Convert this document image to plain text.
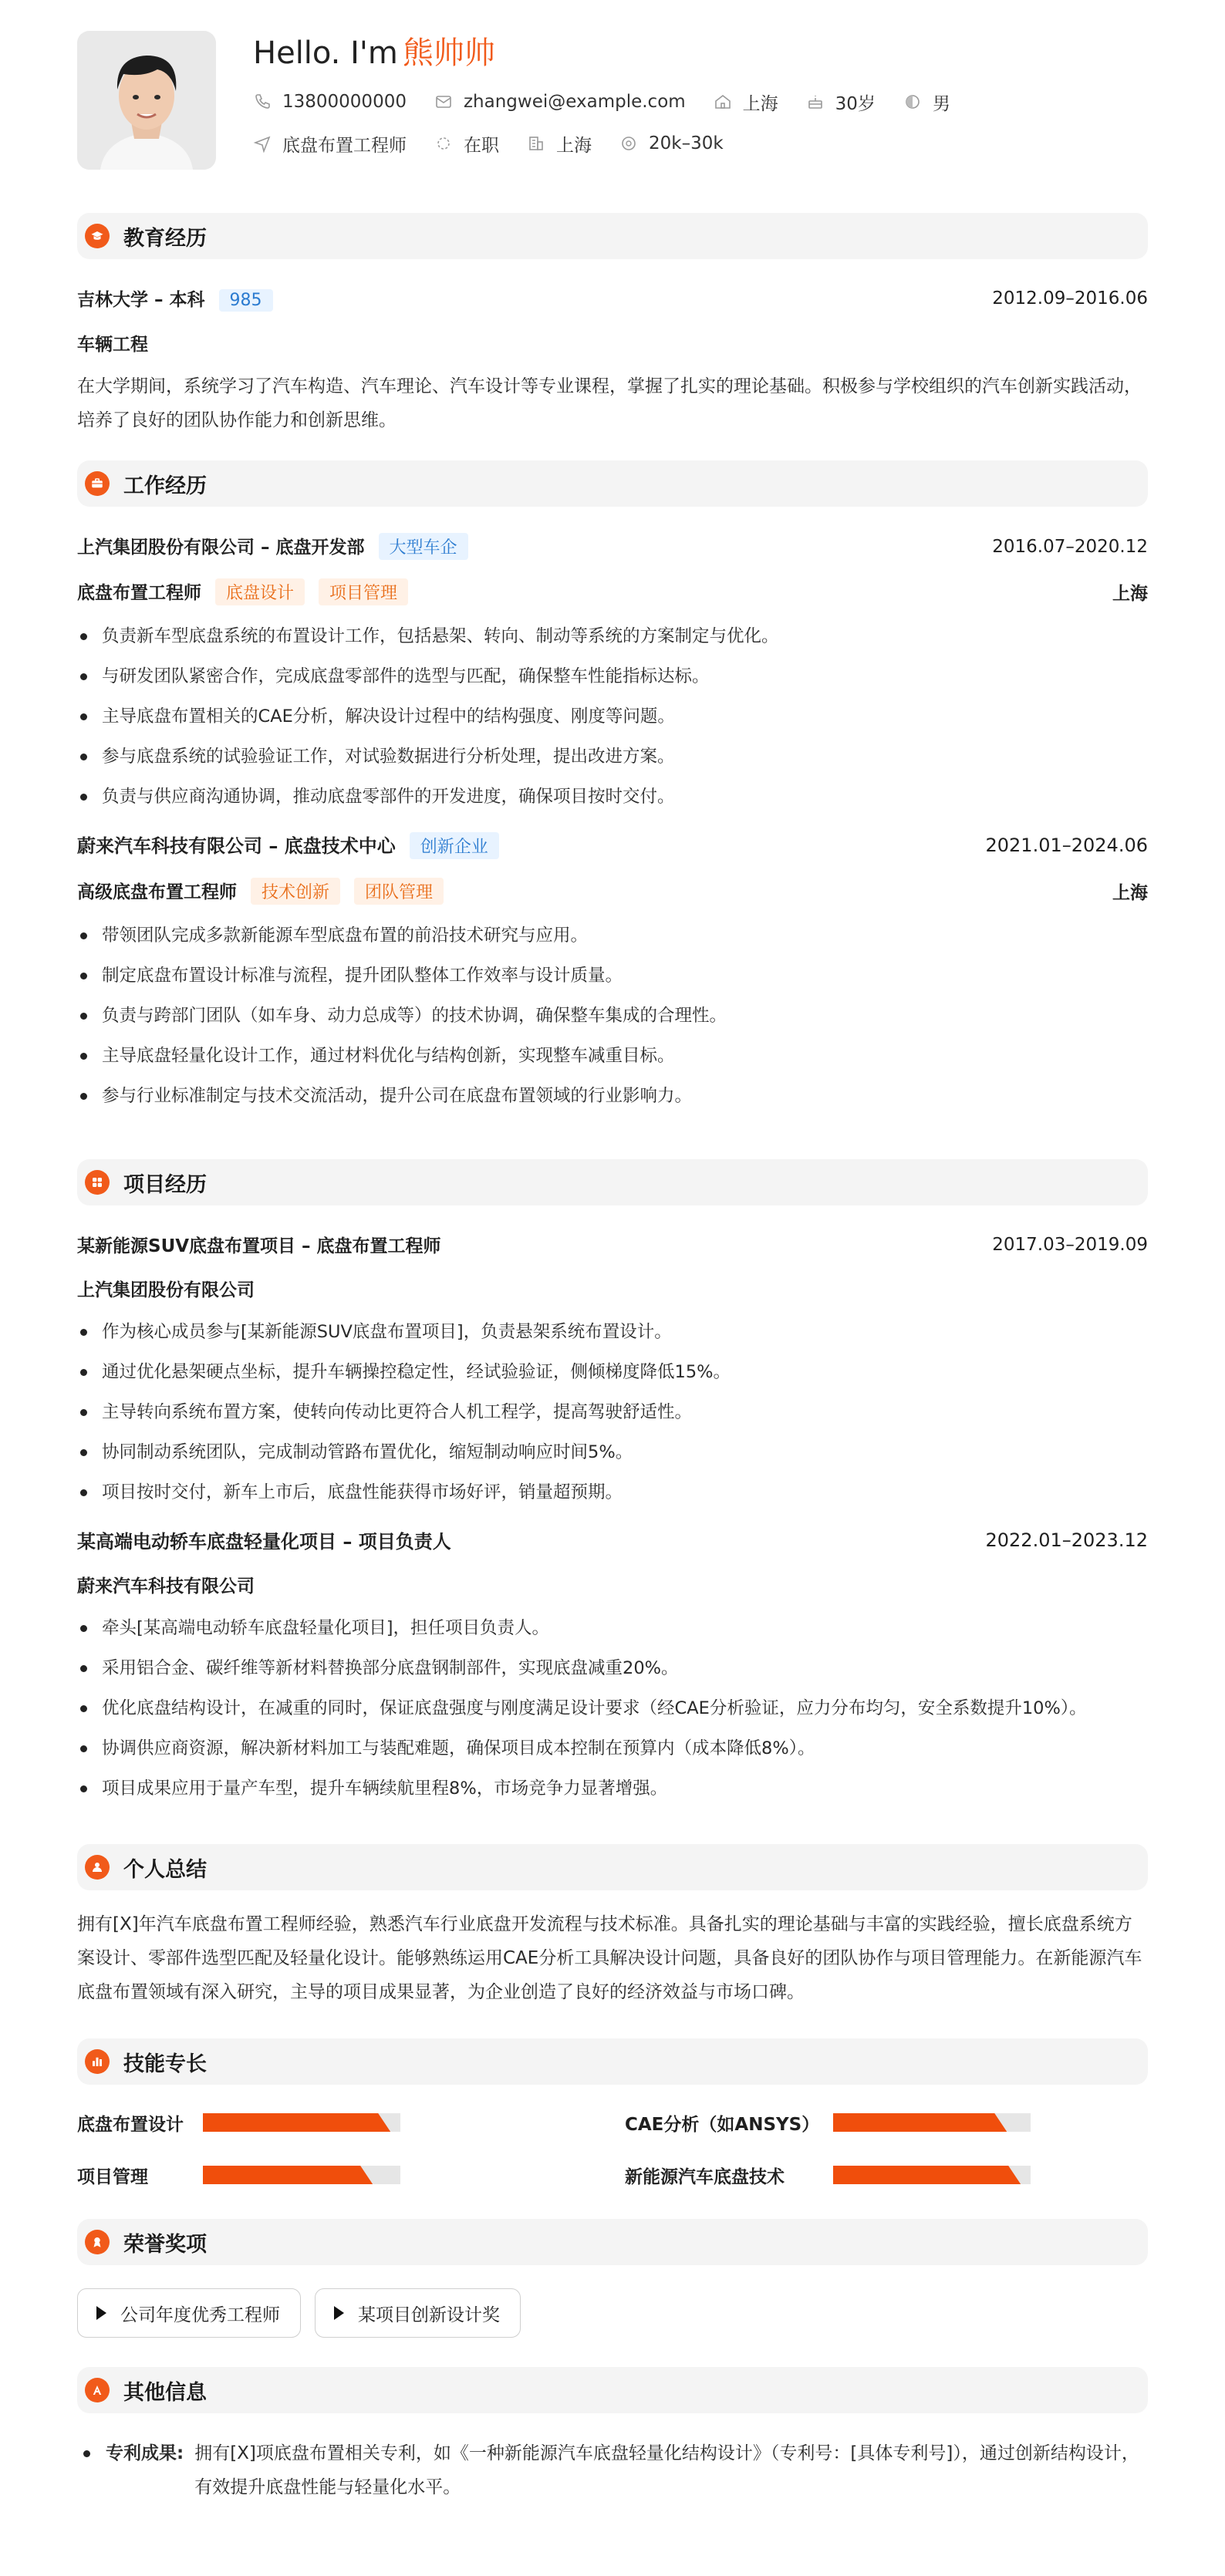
Hello. I'm 熊帅帅
13800000000	zhangwei@example.com	上海	30岁	男
底盘布置工程师	在职	上海	20k–30k
教育经历
吉林大学 – 本科 985	2012.09–2016.06
车辆工程
在大学期间，系统学习了汽车构造、汽车理论、汽车设计等专业课程，掌握了扎实的理论基础。积极参与学校组织的汽车创新实践活动，培养了良好的团队协作能力和创新思维。
工作经历
上汽集团股份有限公司 – 底盘开发部 大型车企	2016.07–2020.12
底盘布置工程师 底盘设计 项目管理	上海
负责新车型底盘系统的布置设计工作，包括悬架、转向、制动等系统的方案制定与优化。
与研发团队紧密合作，完成底盘零部件的选型与匹配，确保整车性能指标达标。
主导底盘布置相关的CAE分析，解决设计过程中的结构强度、刚度等问题。
参与底盘系统的试验验证工作，对试验数据进行分析处理，提出改进方案。
负责与供应商沟通协调，推动底盘零部件的开发进度，确保项目按时交付。
蔚来汽车科技有限公司 – 底盘技术中心 创新企业	2021.01–2024.06
高级底盘布置工程师 技术创新 团队管理	上海
带领团队完成多款新能源车型底盘布置的前沿技术研究与应用。
制定底盘布置设计标准与流程，提升团队整体工作效率与设计质量。
负责与跨部门团队（如车身、动力总成等）的技术协调，确保整车集成的合理性。
主导底盘轻量化设计工作，通过材料优化与结构创新，实现整车减重目标。
参与行业标准制定与技术交流活动，提升公司在底盘布置领域的行业影响力。
项目经历
某新能源SUV底盘布置项目 – 底盘布置工程师	2017.03–2019.09
上汽集团股份有限公司
作为核心成员参与[某新能源SUV底盘布置项目]，负责悬架系统布置设计。
通过优化悬架硬点坐标，提升车辆操控稳定性，经试验验证，侧倾梯度降低15%。
主导转向系统布置方案，使转向传动比更符合人机工程学，提高驾驶舒适性。
协同制动系统团队，完成制动管路布置优化，缩短制动响应时间5%。
项目按时交付，新车上市后，底盘性能获得市场好评，销量超预期。
某高端电动轿车底盘轻量化项目 – 项目负责人	2022.01–2023.12
蔚来汽车科技有限公司
牵头[某高端电动轿车底盘轻量化项目]，担任项目负责人。
采用铝合金、碳纤维等新材料替换部分底盘钢制部件，实现底盘减重20%。
优化底盘结构设计，在减重的同时，保证底盘强度与刚度满足设计要求（经CAE分析验证，应力分布均匀，安全系数提升10%）。
协调供应商资源，解决新材料加工与装配难题，确保项目成本控制在预算内（成本降低8%）。
项目成果应用于量产车型，提升车辆续航里程8%，市场竞争力显著增强。
个人总结
拥有[X]年汽车底盘布置工程师经验，熟悉汽车行业底盘开发流程与技术标准。具备扎实的理论基础与丰富的实践经验，擅长底盘系统方案设计、零部件选型匹配及轻量化设计。能够熟练运用CAE分析工具解决设计问题，具备良好的团队协作与项目管理能力。在新能源汽车底盘布置领域有深入研究，主导的项目成果显著，为企业创造了良好的经济效益与市场口碑。
技能专长
底盘布置设计	CAE分析（如ANSYS）
项目管理	新能源汽车底盘技术
荣誉奖项
公司年度优秀工程师	某项目创新设计奖
其他信息
专利成果: 拥有[X]项底盘布置相关专利，如《一种新能源汽车底盘轻量化结构设计》（专利号：[具体专利号]），通过创新结构设计，有效提升底盘性能与轻量化水平。
